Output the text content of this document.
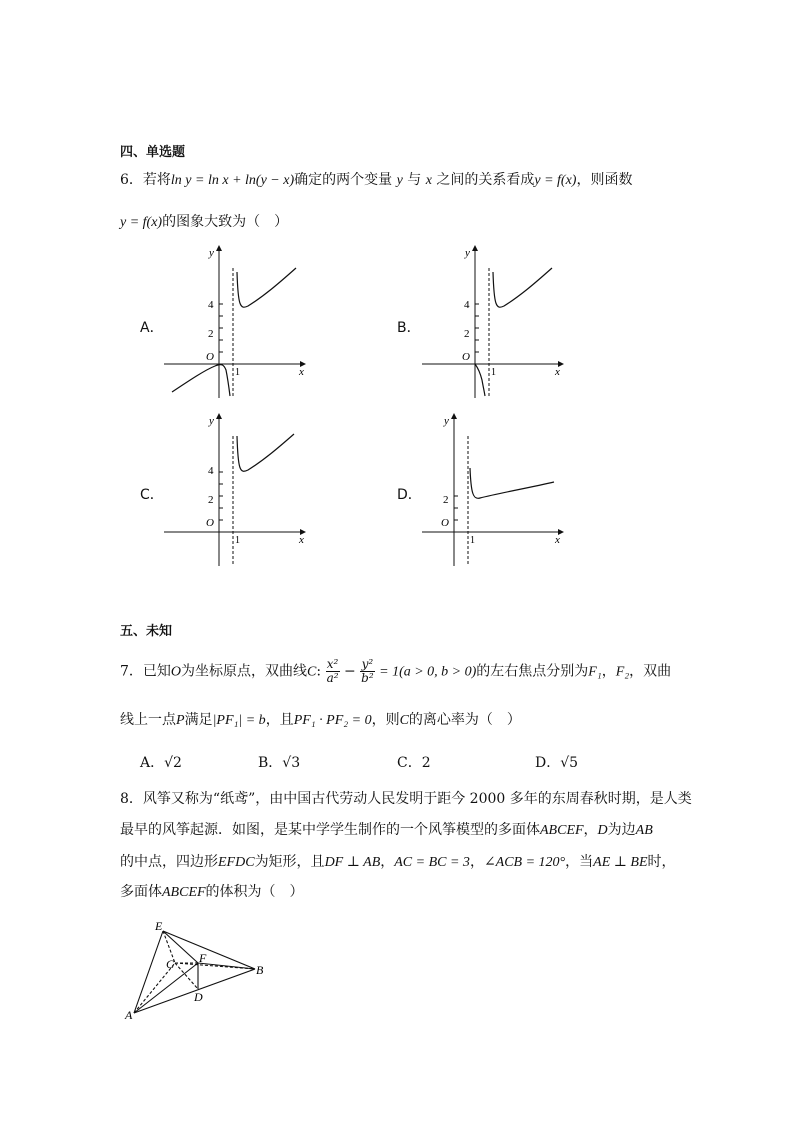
四、单选题
6．若将ln y = ln x + ln(y − x)确定的两个变量 y 与 x 之间的关系看成y = f(x)，则函数
y = f(x)的图象大致为（　）
A．	B．
C．	D．
y
x
O
1
4
2
y
x
O
1
4
2
y
x
O
1
4
2
y
x
O
1
2
五、未知
7．已知O为坐标原点，双曲线C: $\frac{\text{x²}}{\text{a²}} - \frac{\text{y²}}{\text{b²}} = 1(a > 0$, b > 0)的左右焦点分别为F₁，F₂，双曲
线上一点P满足|PF₁| = b，且PF₁ · PF₂ = 0，则C的离心率为（　）
A．√2	B．√3	C．2	D．√5
8．风筝又称为“纸鸢”，由中国古代劳动人民发明于距今 2000 多年的东周春秋时期，是人类
最早的风筝起源．如图，是某中学学生制作的一个风筝模型的多面体ABCEF，D为边AB
的中点，四边形EFDC为矩形，且DF ⊥ AB，AC = BC = 3，∠ACB = 120°，当AE ⊥ BE时，
多面体ABCEF的体积为（　）
E
C F
B
D
A
